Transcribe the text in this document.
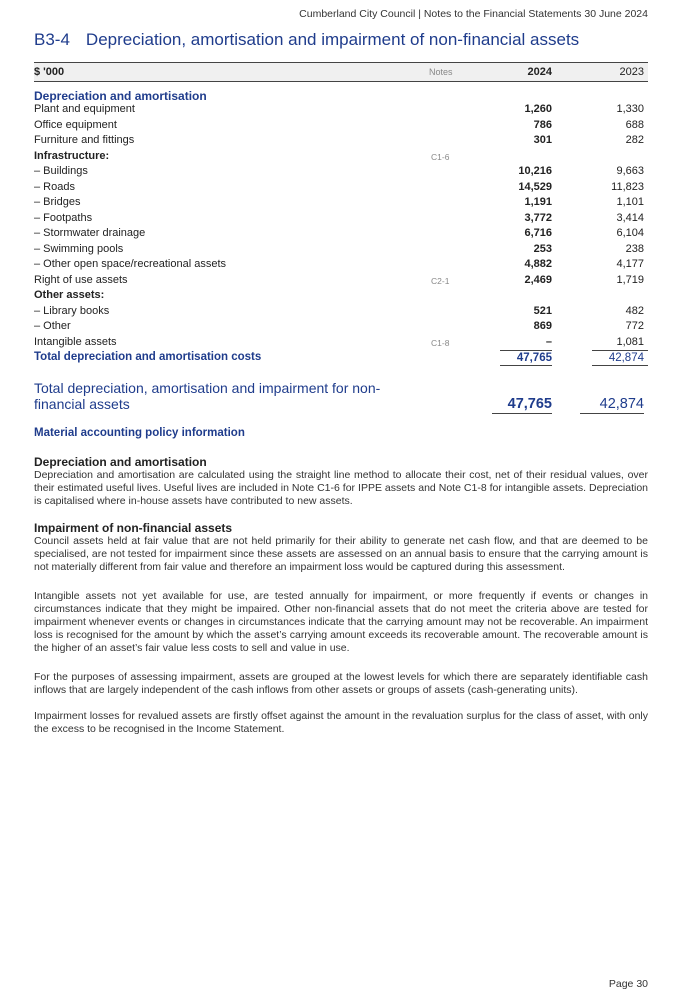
Cumberland City Council | Notes to the Financial Statements 30 June 2024
B3-4 Depreciation, amortisation and impairment of non-financial assets
$ '000	Notes	2024	2023
Depreciation and amortisation
Plant and equipment	1,260	1,330
Office equipment	786	688
Furniture and fittings	301	282
Infrastructure:	C1-6
– Buildings	10,216	9,663
– Roads	14,529	11,823
– Bridges	1,191	1,101
– Footpaths	3,772	3,414
– Stormwater drainage	6,716	6,104
– Swimming pools	253	238
– Other open space/recreational assets	4,882	4,177
Right of use assets	C2-1	2,469	1,719
Other assets:
– Library books	521	482
– Other	869	772
Intangible assets	C1-8	–	1,081
Total depreciation and amortisation costs	47,765	42,874
Total depreciation, amortisation and impairment for non-financial assets	47,765	42,874
Material accounting policy information
Depreciation and amortisation

Depreciation and amortisation are calculated using the straight line method to allocate their cost, net of their residual values, over their estimated useful lives. Useful lives are included in Note C1-6 for IPPE assets and Note C1-8 for intangible assets. Depreciation is capitalised where in-house assets have contributed to new assets.

Impairment of non-financial assets

Council assets held at fair value that are not held primarily for their ability to generate net cash flow, and that are deemed to be specialised, are not tested for impairment since these assets are assessed on an annual basis to ensure that the carrying amount is not materially different from fair value and therefore an impairment loss would be captured during this assessment.

Intangible assets not yet available for use, are tested annually for impairment, or more frequently if events or changes in circumstances indicate that they might be impaired. Other non-financial assets that do not meet the criteria above are tested for impairment whenever events or changes in circumstances indicate that the carrying amount may not be recoverable. An impairment loss is recognised for the amount by which the asset’s carrying amount exceeds its recoverable amount. The recoverable amount is the higher of an asset’s fair value less costs to sell and value in use.

For the purposes of assessing impairment, assets are grouped at the lowest levels for which there are separately identifiable cash inflows that are largely independent of the cash inflows from other assets or groups of assets (cash-generating units).

Impairment losses for revalued assets are firstly offset against the amount in the revaluation surplus for the class of asset, with only the excess to be recognised in the Income Statement.

Page 30
